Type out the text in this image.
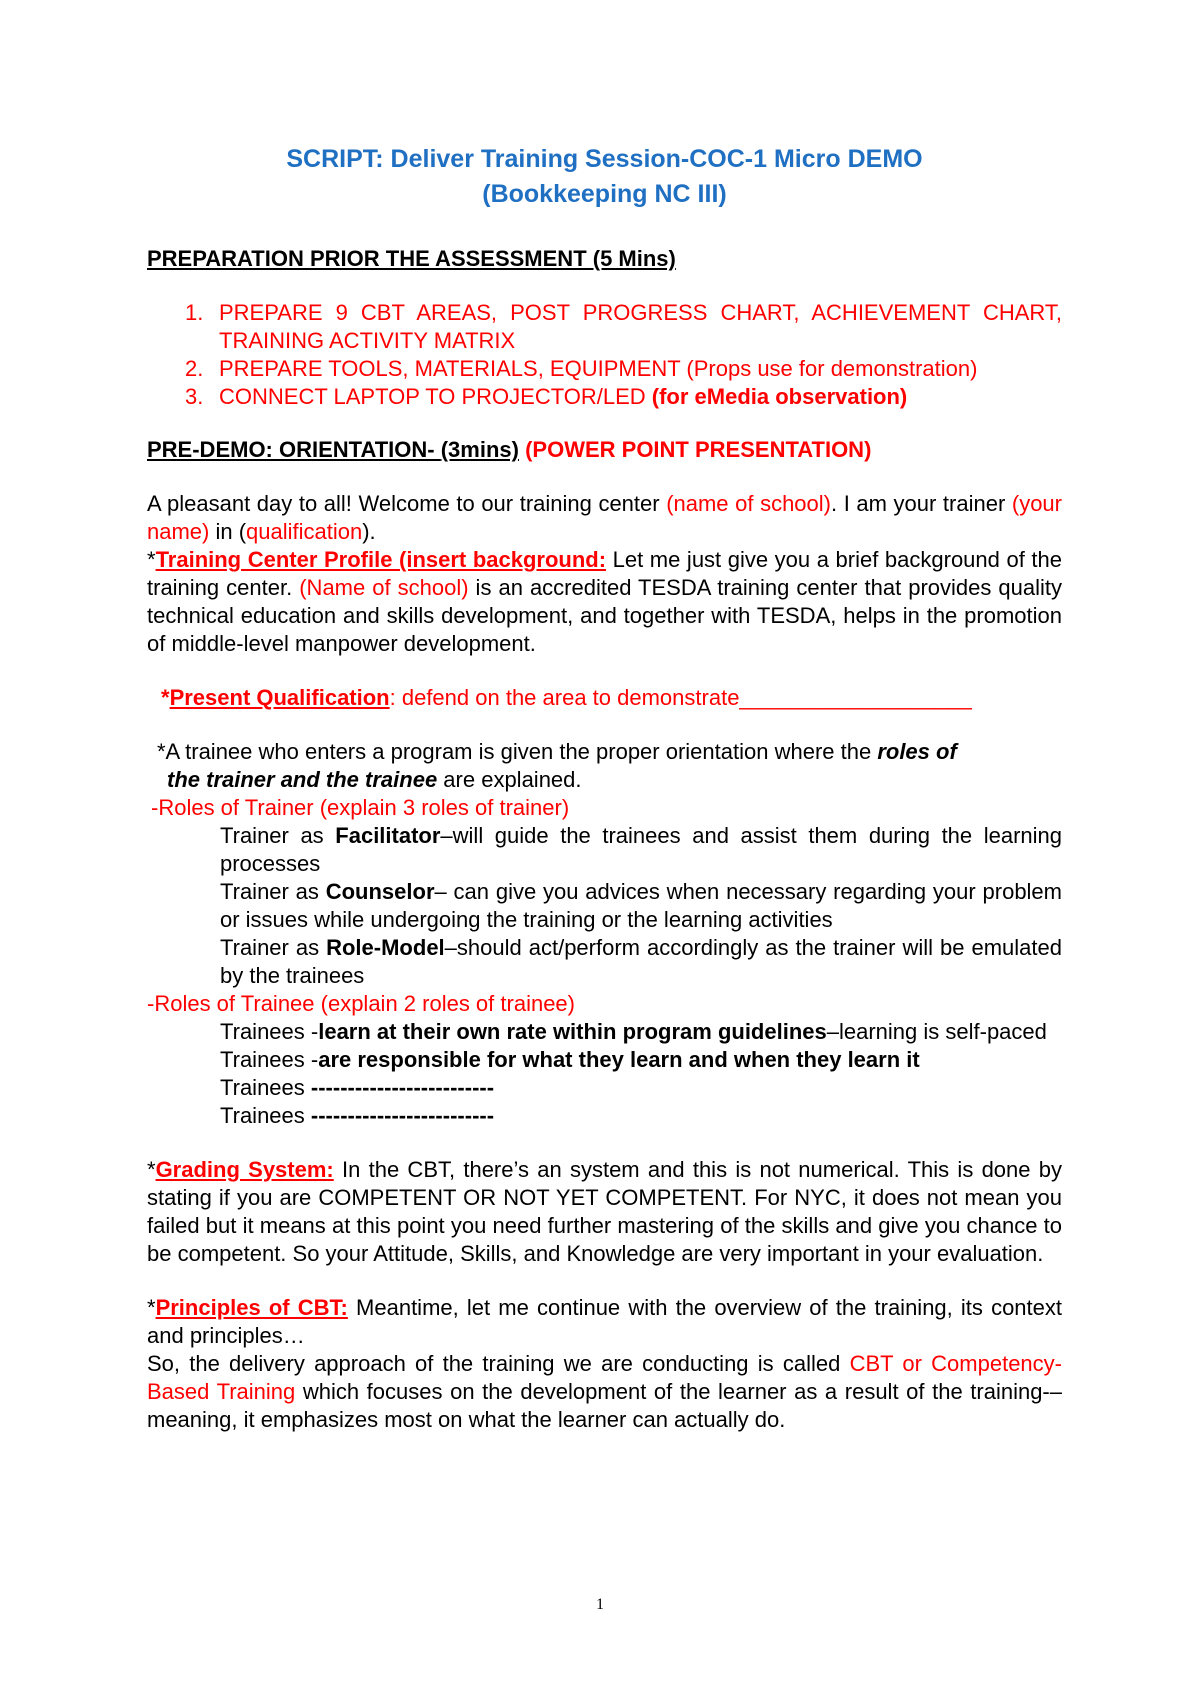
SCRIPT: Deliver Training Session-COC-1 Micro DEMO

(Bookkeeping NC III)

PREPARATION PRIOR THE ASSESSMENT (5 Mins)

1. PREPARE 9 CBT AREAS, POST PROGRESS CHART, ACHIEVEMENT CHART, TRAINING ACTIVITY MATRIX
2. PREPARE TOOLS, MATERIALS, EQUIPMENT (Props use for demonstration)
3. CONNECT LAPTOP TO PROJECTOR/LED (for eMedia observation)

PRE-DEMO: ORIENTATION- (3mins) (POWER POINT PRESENTATION)

A pleasant day to all! Welcome to our training center (name of school). I am your trainer (your name) in (qualification).

*Training Center Profile (insert background: Let me just give you a brief background of the training center. (Name of school) is an accredited TESDA training center that provides quality technical education and skills development, and together with TESDA, helps in the promotion of middle-level manpower development.

*Present Qualification: defend on the area to demonstrate___________________

*A trainee who enters a program is given the proper orientation where the roles of

the trainer and the trainee are explained.

-Roles of Trainer (explain 3 roles of trainer)

Trainer as Facilitator–will guide the trainees and assist them during the learning processes

Trainer as Counselor– can give you advices when necessary regarding your problem or issues while undergoing the training or the learning activities

Trainer as Role-Model–should act/perform accordingly as the trainer will be emulated by the trainees

-Roles of Trainee (explain 2 roles of trainee)

Trainees -learn at their own rate within program guidelines–learning is self-paced

Trainees -are responsible for what they learn and when they learn it

Trainees -------------------------

Trainees -------------------------

*Grading System: In the CBT, there’s an system and this is not numerical. This is done by stating if you are COMPETENT OR NOT YET COMPETENT. For NYC, it does not mean you failed but it means at this point you need further mastering of the skills and give you chance to be competent. So your Attitude, Skills, and Knowledge are very important in your evaluation.

*Principles of CBT: Meantime, let me continue with the overview of the training, its context and principles…

So, the delivery approach of the training we are conducting is called CBT or Competency-Based Training which focuses on the development of the learner as a result of the training-–meaning, it emphasizes most on what the learner can actually do.

1
